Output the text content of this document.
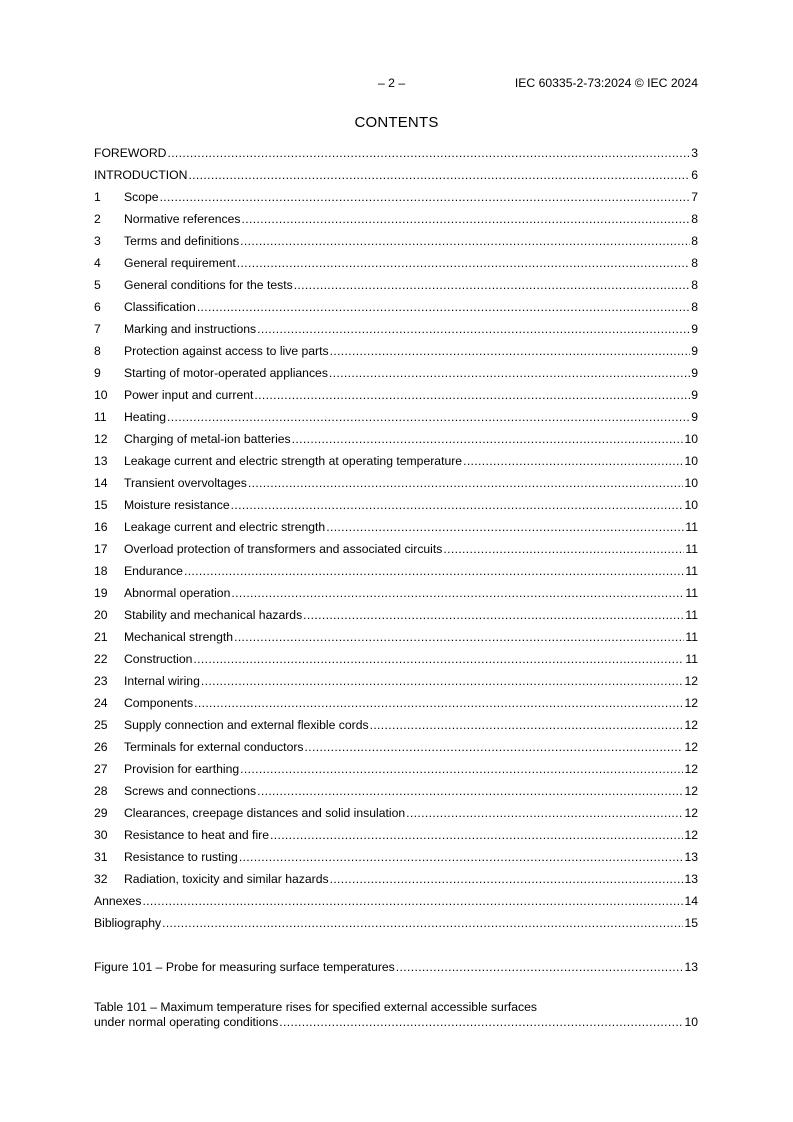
– 2 –	IEC 60335-2-73:2024 © IEC 2024
CONTENTS
FOREWORD .....	3
INTRODUCTION .....	6
1	Scope .....	7
2	Normative references .....	8
3	Terms and definitions .....	8
4	General requirement .....	8
5	General conditions for the tests .....	8
6	Classification .....	8
7	Marking and instructions .....	9
8	Protection against access to live parts .....	9
9	Starting of motor-operated appliances .....	9
10	Power input and current .....	9
11	Heating .....	9
12	Charging of metal-ion batteries .....	10
13	Leakage current and electric strength at operating temperature .....	10
14	Transient overvoltages .....	10
15	Moisture resistance .....	10
16	Leakage current and electric strength .....	11
17	Overload protection of transformers and associated circuits .....	11
18	Endurance .....	11
19	Abnormal operation .....	11
20	Stability and mechanical hazards .....	11
21	Mechanical strength .....	11
22	Construction .....	11
23	Internal wiring .....	12
24	Components .....	12
25	Supply connection and external flexible cords .....	12
26	Terminals for external conductors .....	12
27	Provision for earthing .....	12
28	Screws and connections .....	12
29	Clearances, creepage distances and solid insulation .....	12
30	Resistance to heat and fire .....	12
31	Resistance to rusting .....	13
32	Radiation, toxicity and similar hazards .....	13
Annexes .....	14
Bibliography .....	15
Figure 101 – Probe for measuring surface temperatures .....	13
Table 101 – Maximum temperature rises for specified external accessible surfaces
under normal operating conditions .....	10
